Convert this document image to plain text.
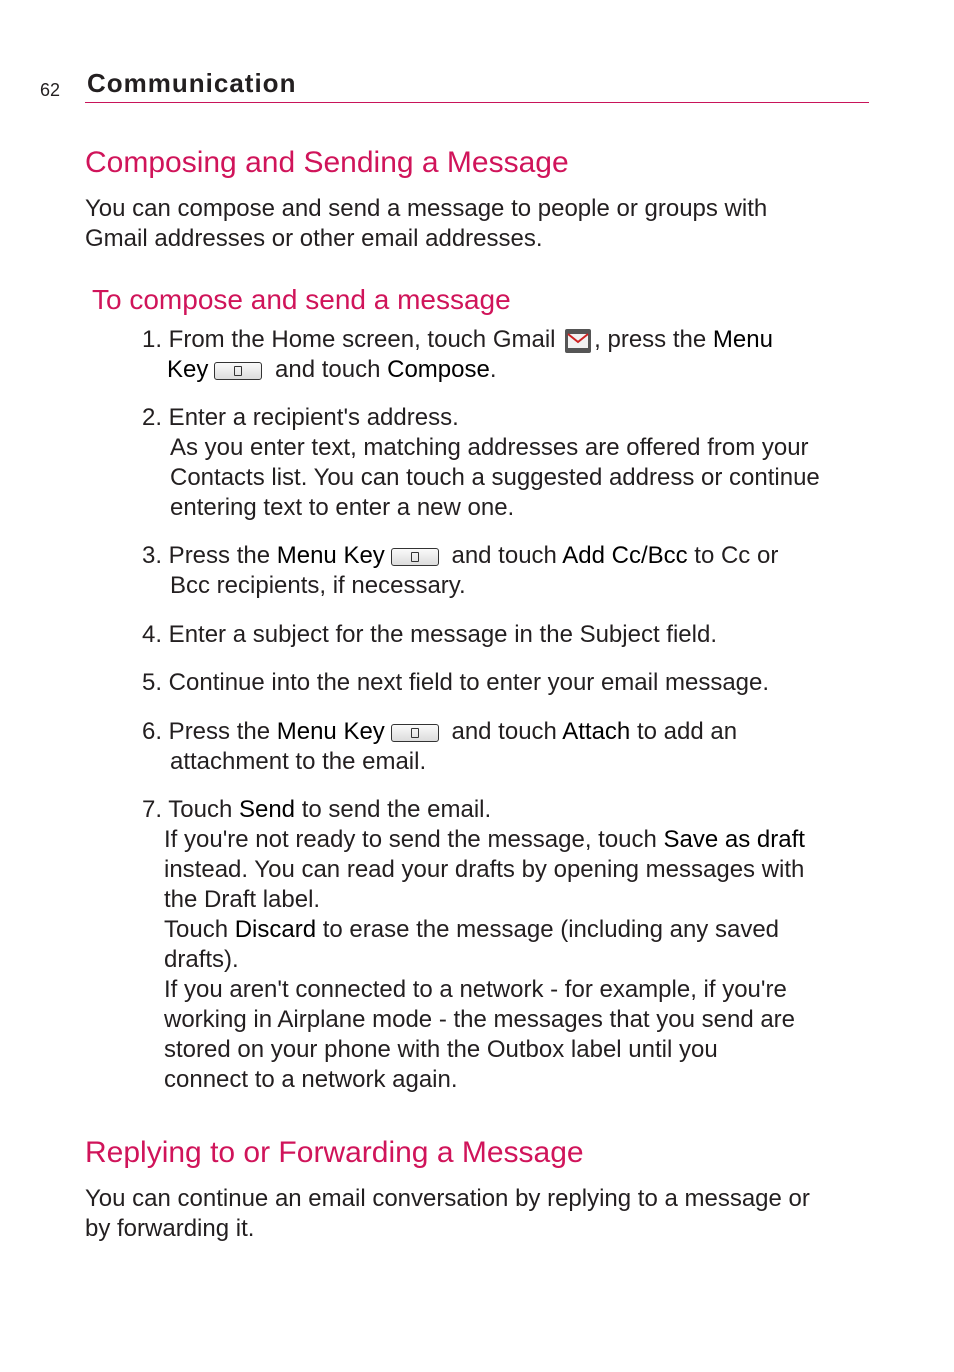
62 Communication
Composing and Sending a Message
You can compose and send a message to people or groups with
Gmail addresses or other email addresses.
To compose and send a message
1. From the Home screen, touch Gmail , press the Menu
Key	and touch Compose.
2. Enter a recipient's address.
As you enter text, matching addresses are offered from your
Contacts list. You can touch a suggested address or continue
entering text to enter a new one.
3. Press the Menu Key	and touch Add Cc/Bcc to Cc or
Bcc recipients, if necessary.
4. Enter a subject for the message in the Subject field.
5. Continue into the next field to enter your email message.
6. Press the Menu Key	and touch Attach to add an
attachment to the email.
7. Touch Send to send the email.
If you're not ready to send the message, touch Save as draft
instead. You can read your drafts by opening messages with
the Draft label.
Touch Discard to erase the message (including any saved
drafts).
If you aren't connected to a network - for example, if you're
working in Airplane mode - the messages that you send are
stored on your phone with the Outbox label until you
connect to a network again.
Replying to or Forwarding a Message
You can continue an email conversation by replying to a message or
by forwarding it.
